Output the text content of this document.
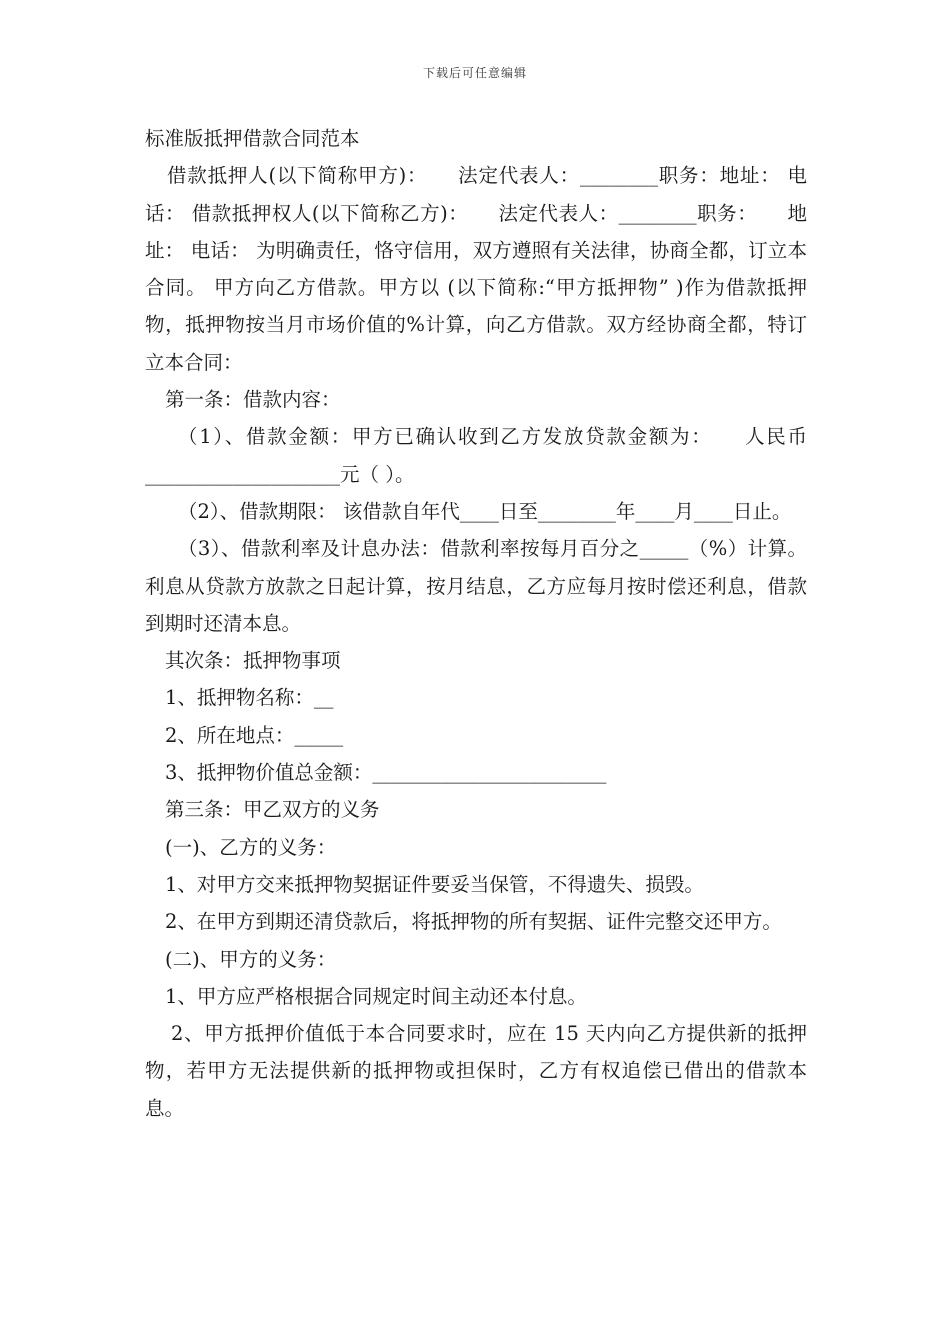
下载后可任意编辑

标准版抵押借款合同范本

借款抵押人(以下简称甲方)：　　法定代表人：________职务：地址： 电话： 借款抵押权人(以下简称乙方)：　　法定代表人：________职务：　　地址： 电话： 为明确责任，恪守信用，双方遵照有关法律，协商全都，订立本合同。 甲方向乙方借款。甲方以 (以下简称:“甲方抵押物” )作为借款抵押物，抵押物按当月市场价值的%计算，向乙方借款。双方经协商全都，特订立本合同：

第一条：借款内容：

（1）、借款金额：甲方已确认收到乙方发放贷款金额为：　　人民币____________________元（ ）。

（2）、借款期限： 该借款自年代____日至________年____月____日止。

（3）、借款利率及计息办法：借款利率按每月百分之_____（%）计算。利息从贷款方放款之日起计算，按月结息，乙方应每月按时偿还利息，借款到期时还清本息。

其次条：抵押物事项

1、抵押物名称：__

2、所在地点：_____

3、抵押物价值总金额：________________________

第三条：甲乙双方的义务

(一)、乙方的义务：

1、对甲方交来抵押物契据证件要妥当保管，不得遗失、损毁。

2、在甲方到期还清贷款后，将抵押物的所有契据、证件完整交还甲方。

(二)、甲方的义务：

1、甲方应严格根据合同规定时间主动还本付息。

2、甲方抵押价值低于本合同要求时，应在 15 天内向乙方提供新的抵押物，若甲方无法提供新的抵押物或担保时，乙方有权追偿已借出的借款本息。
